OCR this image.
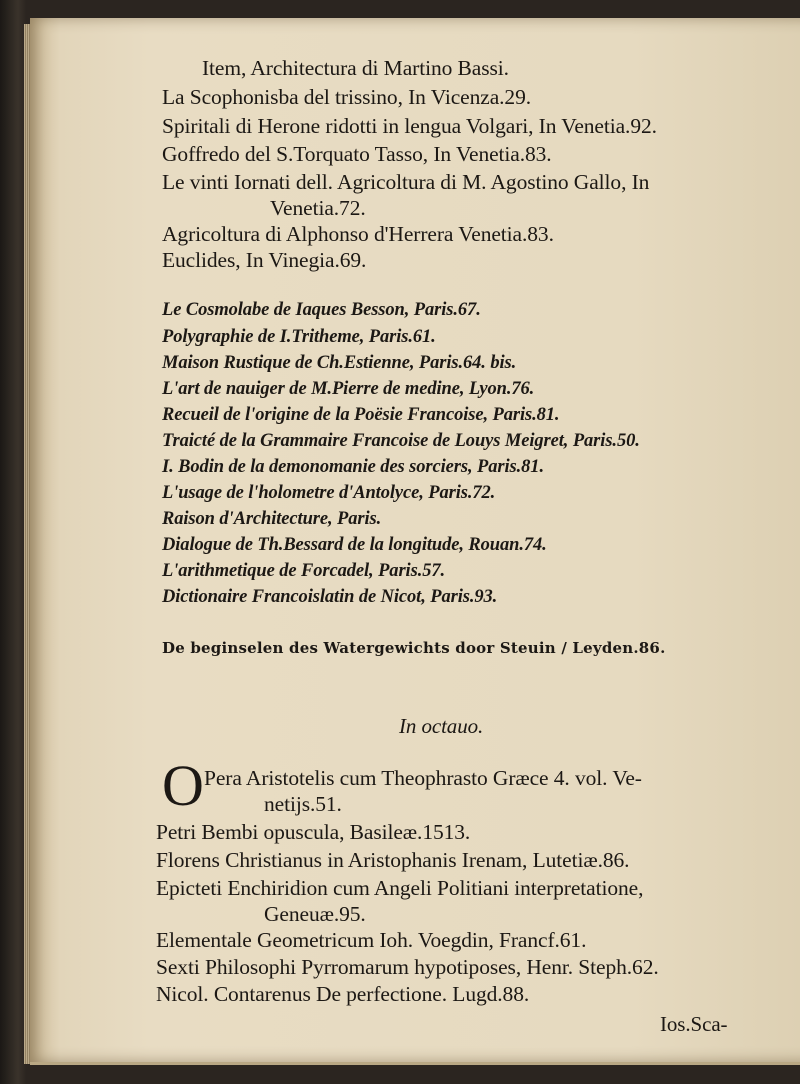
Item, Architectura di Martino Bassi.
La Scophonisba del trissino, In Vicenza.29.
Spiritali di Herone ridotti in lengua Volgari, In Venetia.92.
Goffredo del S.Torquato Tasso, In Venetia.83.
Le vinti Iornati dell. Agricoltura di M. Agostino Gallo, In
Venetia.72.
Agricoltura di Alphonso d'Herrera Venetia.83.
Euclides, In Vinegia.69.
Le Cosmolabe de Iaques Besson, Paris.67.
Polygraphie de I.Tritheme, Paris.61.
Maison Rustique de Ch.Estienne, Paris.64. bis.
L'art de nauiger de M.Pierre de medine, Lyon.76.
Recueil de l'origine de la Poësie Francoise, Paris.81.
Traicté de la Grammaire Francoise de Louys Meigret, Paris.50.
I. Bodin de la demonomanie des sorciers, Paris.81.
L'usage de l'holometre d'Antolyce, Paris.72.
Raison d'Architecture, Paris.
Dialogue de Th.Bessard de la longitude, Rouan.74.
L'arithmetique de Forcadel, Paris.57.
Dictionaire Francoislatin de Nicot, Paris.93.
De beginselen des Watergewichts door Steuin / Leyden.86.
In octauo.
O Pera Aristotelis cum Theophrasto Græce 4. vol. Ve-
netijs.51.
Petri Bembi opuscula, Basileæ.1513.
Florens Christianus in Aristophanis Irenam, Lutetiæ.86.
Epicteti Enchiridion cum Angeli Politiani interpretatione,
Geneuæ.95.
Elementale Geometricum Ioh. Voegdin, Francf.61.
Sexti Philosophi Pyrromarum hypotiposes, Henr. Steph.62.
Nicol. Contarenus De perfectione. Lugd.88.
Ios.Sca-
